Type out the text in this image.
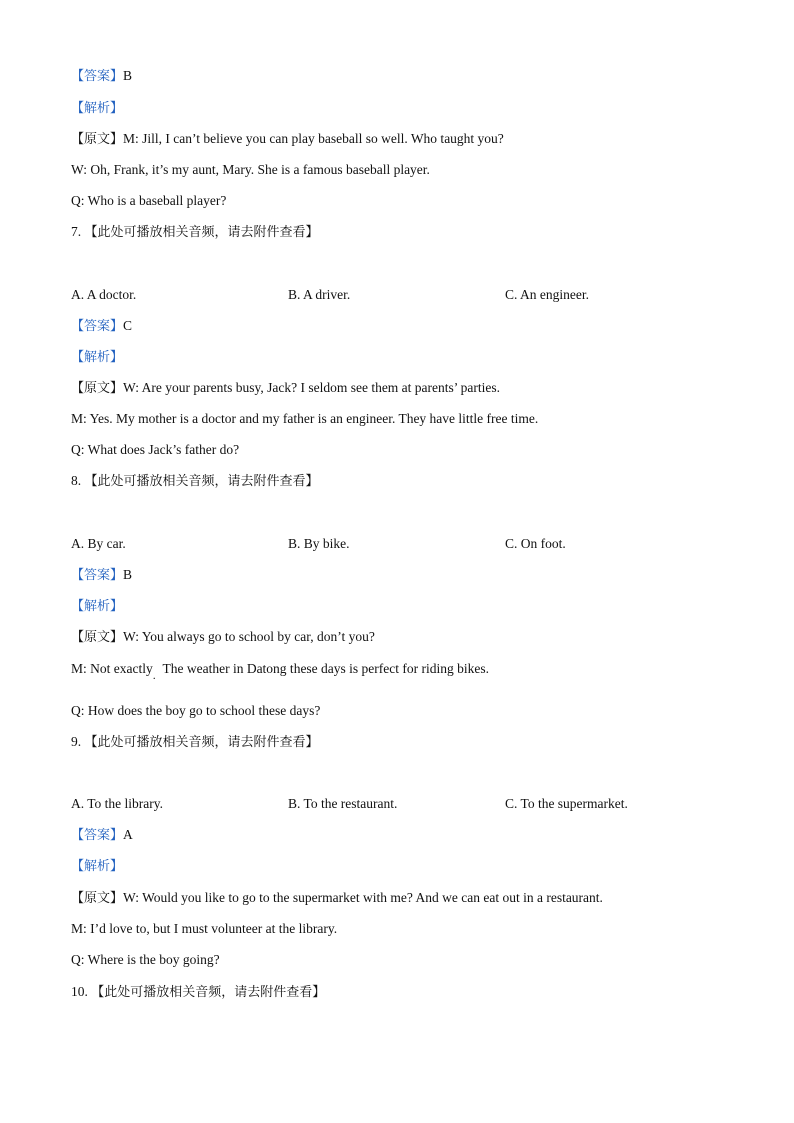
【答案】B
【解析】
【原文】M: Jill, I can’t believe you can play baseball so well. Who taught you?
W: Oh, Frank, it’s my aunt, Mary. She is a famous baseball player.
Q: Who is a baseball player?
7. 【此处可播放相关音频，请去附件查看】
A. A doctor.	B. A driver.	C. An engineer.
【答案】C
【解析】
【原文】W: Are your parents busy, Jack? I seldom see them at parents’ parties.
M: Yes. My mother is a doctor and my father is an engineer. They have little free time.
Q: What does Jack’s father do?
8. 【此处可播放相关音频，请去附件查看】
A. By car.	B. By bike.	C. On foot.
【答案】B
【解析】
【原文】W: You always go to school by car, don’t you?
M: Not exactly. The weather in Datong these days is perfect for riding bikes.
Q: How does the boy go to school these days?
9. 【此处可播放相关音频，请去附件查看】
A. To the library.	B. To the restaurant.	C. To the supermarket.
【答案】A
【解析】
【原文】W: Would you like to go to the supermarket with me? And we can eat out in a restaurant.
M: I’d love to, but I must volunteer at the library.
Q: Where is the boy going?
10. 【此处可播放相关音频，请去附件查看】
